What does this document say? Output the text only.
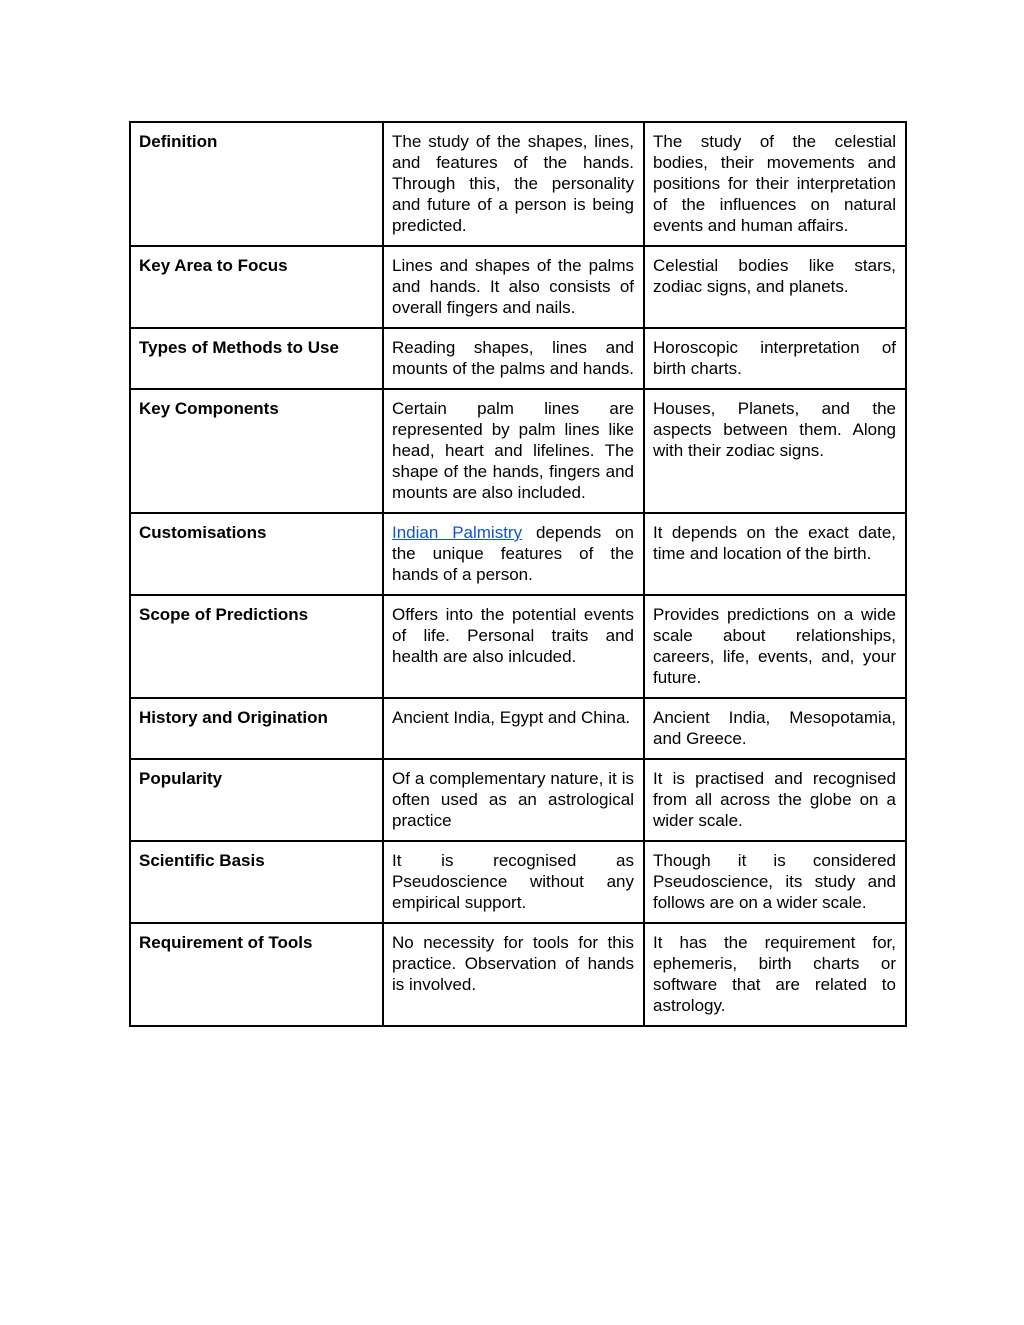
Definition	The study of the shapes, lines, and features of the hands. Through this, the personality and future of a person is being predicted.	The study of the celestial bodies, their movements and positions for their interpretation of the influences on natural events and human affairs.
Key Area to Focus	Lines and shapes of the palms and hands. It also consists of overall fingers and nails.	Celestial bodies like stars, zodiac signs, and planets.
Types of Methods to Use	Reading shapes, lines and mounts of the palms and hands.	Horoscopic interpretation of birth charts.
Key Components	Certain palm lines are represented by palm lines like head, heart and lifelines. The shape of the hands, fingers and mounts are also included.	Houses, Planets, and the aspects between them. Along with their zodiac signs.
Customisations	Indian Palmistry depends on the unique features of the hands of a person.	It depends on the exact date, time and location of the birth.
Scope of Predictions	Offers into the potential events of life. Personal traits and health are also inlcuded.	Provides predictions on a wide scale about relationships, careers, life, events, and, your future.
History and Origination	Ancient India, Egypt and China.	Ancient India, Mesopotamia, and Greece.
Popularity	Of a complementary nature, it is often used as an astrological practice	It is practised and recognised from all across the globe on a wider scale.
Scientific Basis	It is recognised as Pseudoscience without any empirical support.	Though it is considered Pseudoscience, its study and follows are on a wider scale.
Requirement of Tools	No necessity for tools for this practice. Observation of hands is involved.	It has the requirement for, ephemeris, birth charts or software that are related to astrology.
